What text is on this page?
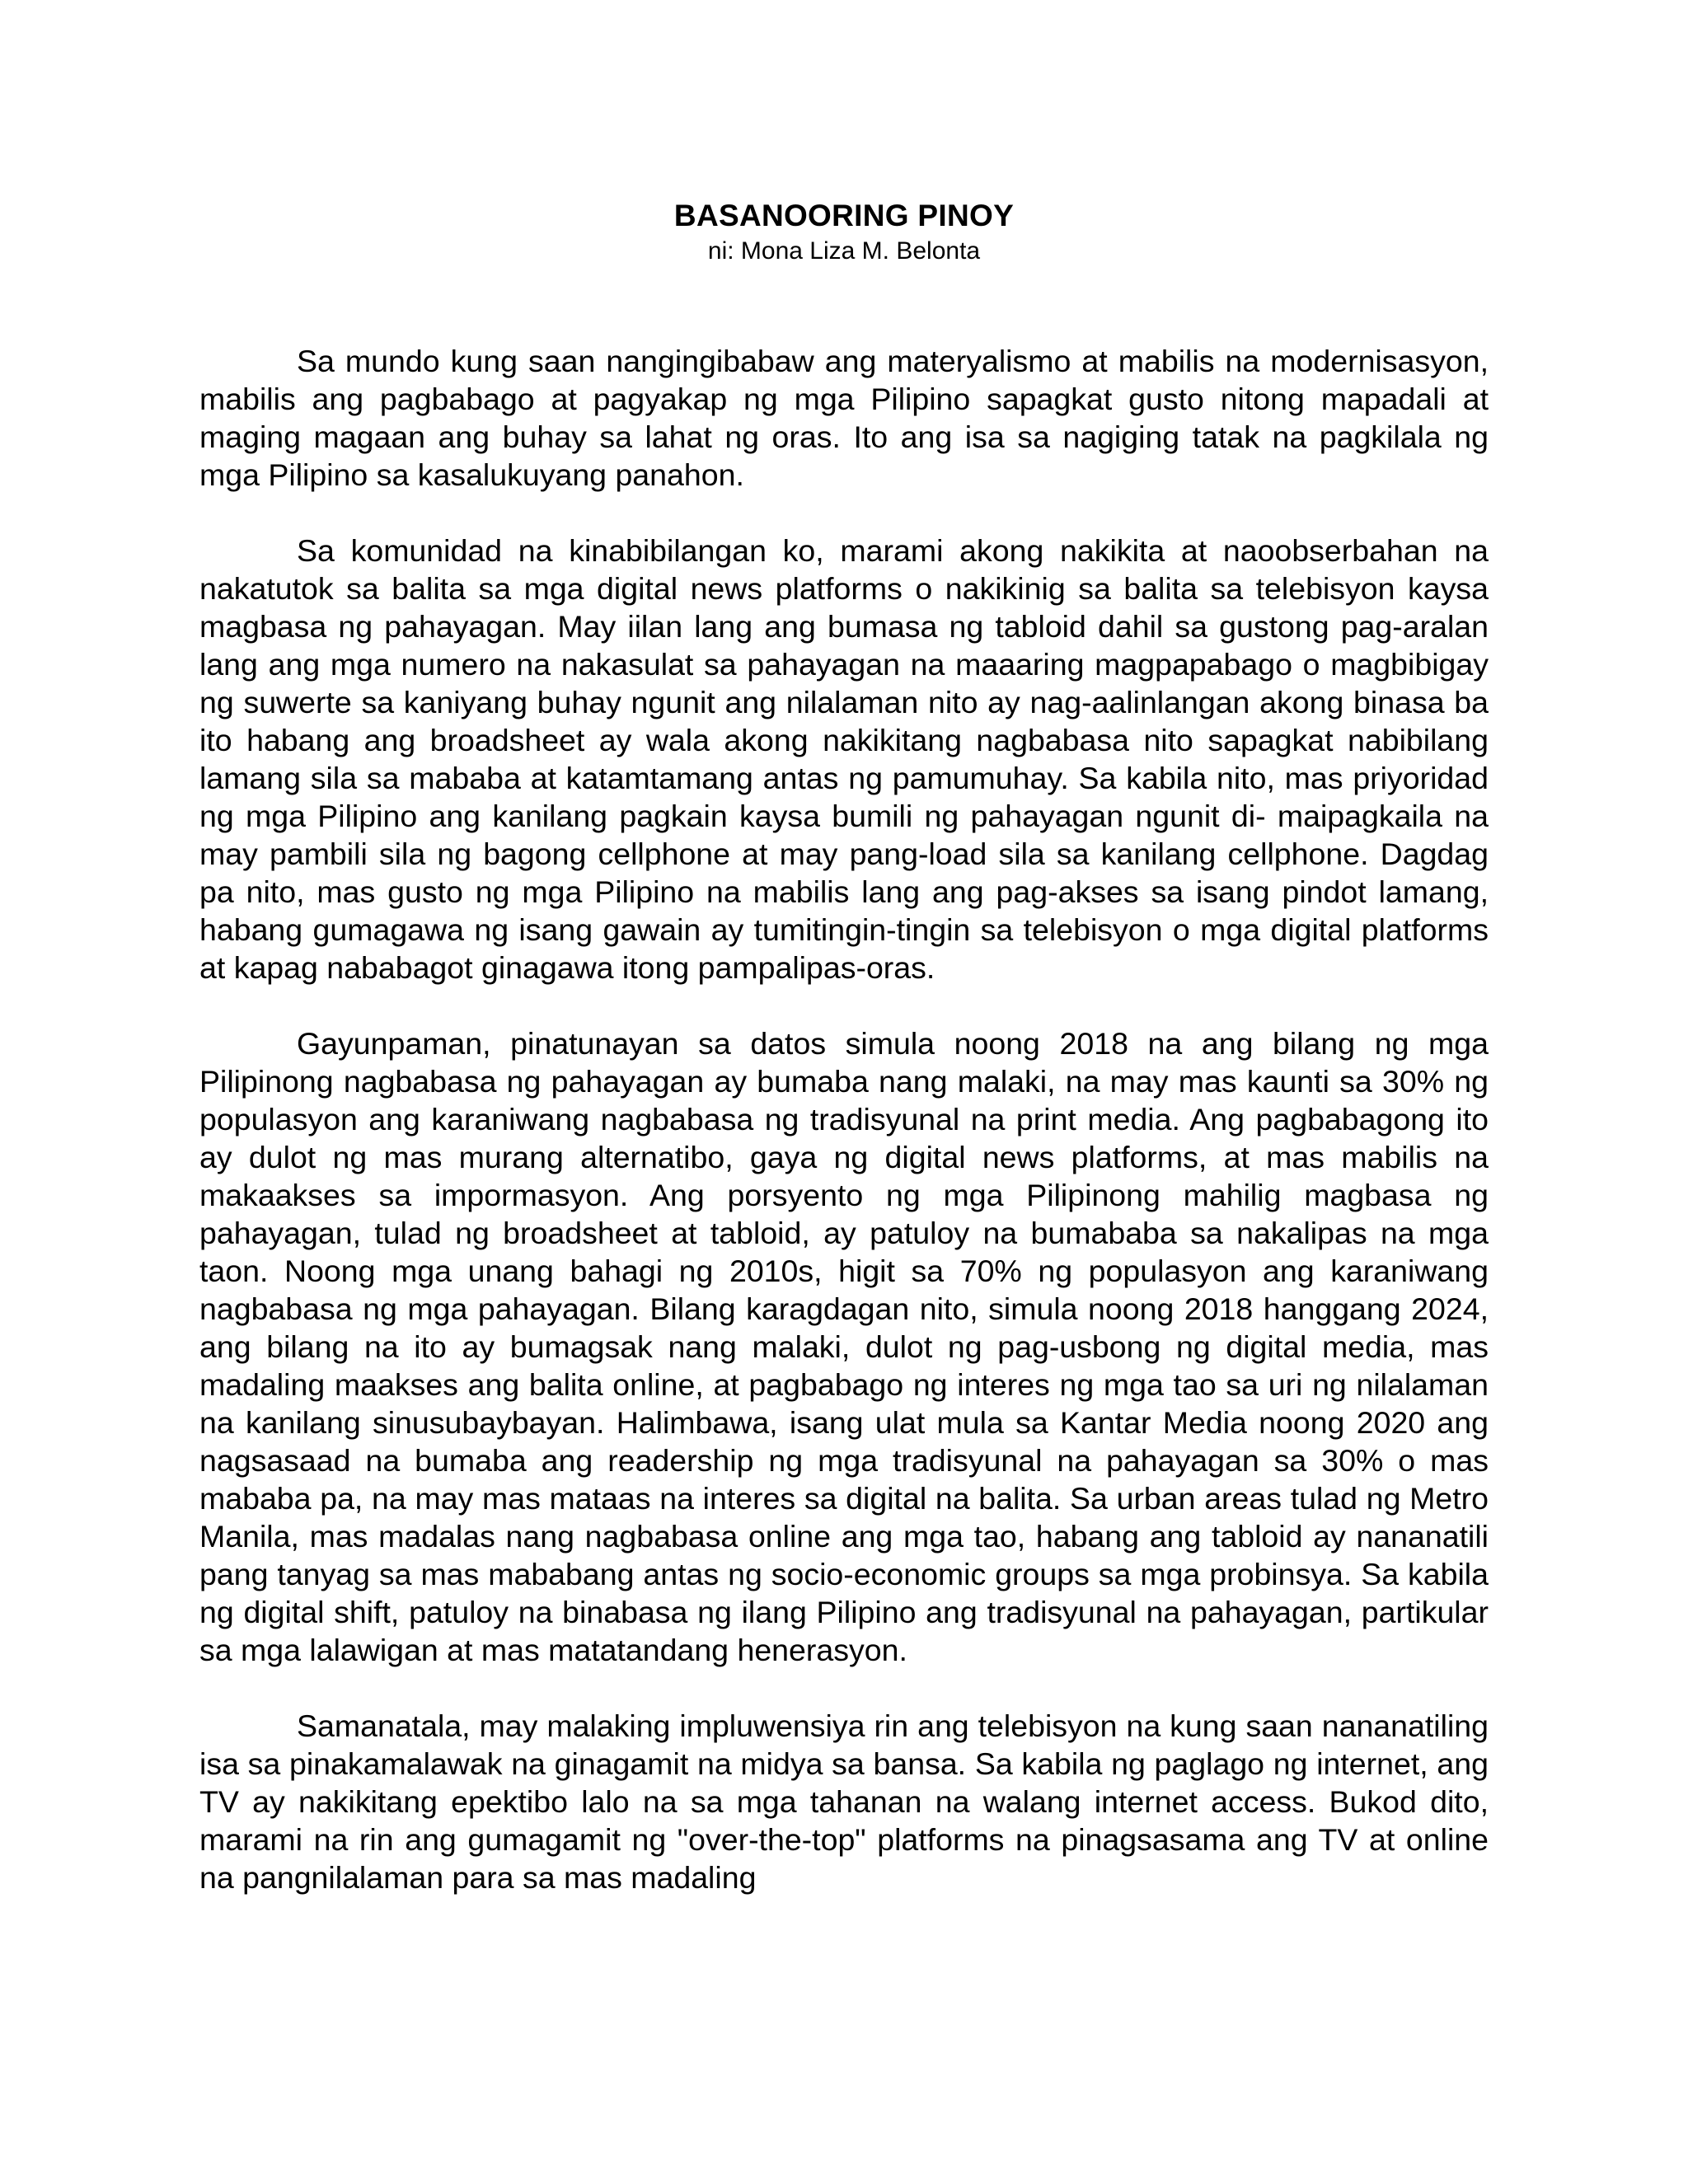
BASANOORING PINOY
ni: Mona Liza M. Belonta

Sa mundo kung saan nangingibabaw ang materyalismo at mabilis na modernisasyon, mabilis ang pagbabago at pagyakap ng mga Pilipino sapagkat gusto nitong mapadali at maging magaan ang buhay sa lahat ng oras. Ito ang isa sa nagiging tatak na pagkilala ng mga Pilipino sa kasalukuyang panahon.

Sa komunidad na kinabibilangan ko, marami akong nakikita at naoobserbahan na nakatutok sa balita sa mga digital news platforms o nakikinig sa balita sa telebisyon kaysa magbasa ng pahayagan. May iilan lang ang bumasa ng tabloid dahil sa gustong pag-aralan lang ang mga numero na nakasulat sa pahayagan na maaaring magpapabago o magbibigay ng suwerte sa kaniyang buhay ngunit ang nilalaman nito ay nag-aalinlangan akong binasa ba ito habang ang broadsheet ay wala akong nakikitang nagbabasa nito sapagkat nabibilang lamang sila sa mababa at katamtamang antas ng pamumuhay. Sa kabila nito, mas priyoridad ng mga Pilipino ang kanilang pagkain kaysa bumili ng pahayagan ngunit di- maipagkaila na may pambili sila ng bagong cellphone at may pang-load sila sa kanilang cellphone. Dagdag pa nito, mas gusto ng mga Pilipino na mabilis lang ang pag-akses sa isang pindot lamang, habang gumagawa ng isang gawain ay tumitingin-tingin sa telebisyon o mga digital platforms at kapag nababagot ginagawa itong pampalipas-oras.

Gayunpaman, pinatunayan sa datos simula noong 2018 na ang bilang ng mga Pilipinong nagbabasa ng pahayagan ay bumaba nang malaki, na may mas kaunti sa 30% ng populasyon ang karaniwang nagbabasa ng tradisyunal na print media. Ang pagbabagong ito ay dulot ng mas murang alternatibo, gaya ng digital news platforms, at mas mabilis na makaakses sa impormasyon. Ang porsyento ng mga Pilipinong mahilig magbasa ng pahayagan, tulad ng broadsheet at tabloid, ay patuloy na bumababa sa nakalipas na mga taon. Noong mga unang bahagi ng 2010s, higit sa 70% ng populasyon ang karaniwang nagbabasa ng mga pahayagan. Bilang karagdagan nito, simula noong 2018 hanggang 2024, ang bilang na ito ay bumagsak nang malaki, dulot ng pag-usbong ng digital media, mas madaling maakses ang balita online, at pagbabago ng interes ng mga tao sa uri ng nilalaman na kanilang sinusubaybayan. Halimbawa, isang ulat mula sa Kantar Media noong 2020 ang nagsasaad na bumaba ang readership ng mga tradisyunal na pahayagan sa 30% o mas mababa pa, na may mas mataas na interes sa digital na balita. Sa urban areas tulad ng Metro Manila, mas madalas nang nagbabasa online ang mga tao, habang ang tabloid ay nananatili pang tanyag sa mas mababang antas ng socio-economic groups sa mga probinsya. Sa kabila ng digital shift, patuloy na binabasa ng ilang Pilipino ang tradisyunal na pahayagan, partikular sa mga lalawigan at mas matatandang henerasyon.

Samanatala, may malaking impluwensiya rin ang telebisyon na kung saan nananatiling isa sa pinakamalawak na ginagamit na midya sa bansa. Sa kabila ng paglago ng internet, ang TV ay nakikitang epektibo lalo na sa mga tahanan na walang internet access. Bukod dito, marami na rin ang gumagamit ng "over-the-top" platforms na pinagsasama ang TV at online na pangnilalaman para sa mas madaling
